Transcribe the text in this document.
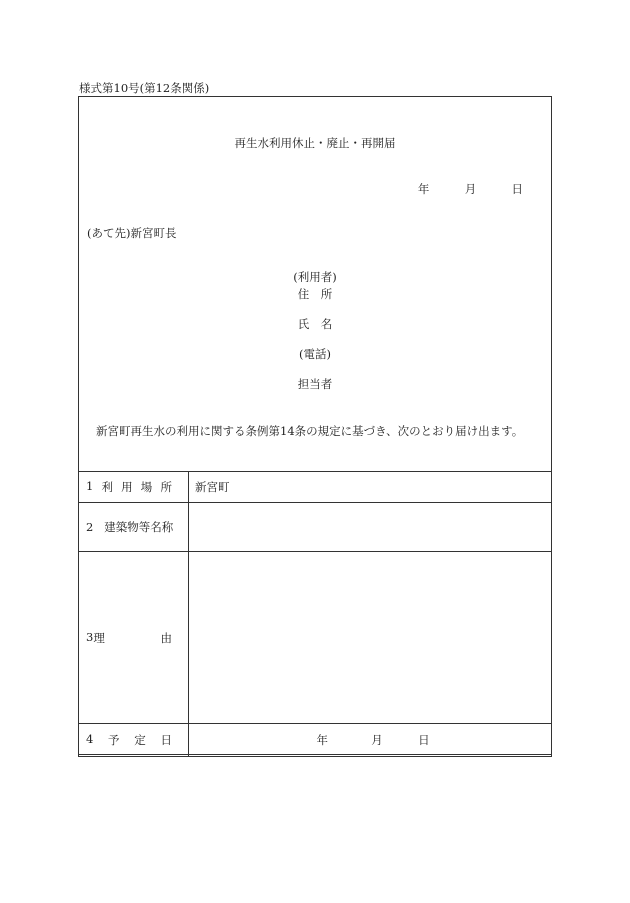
様式第10号(第12条関係)
再生水利用休止・廃止・再開届
年	月	日
(あて先)新宮町長
(利用者)
住　所
氏　名
(電話)
担当者
新宮町再生水の利用に関する条例第14条の規定に基づき、次のとおり届け出ます。
1 利 用 場 所	新宮町
2 建築物等名称	

3 理 由	

4 予 定 日	年 月 日
